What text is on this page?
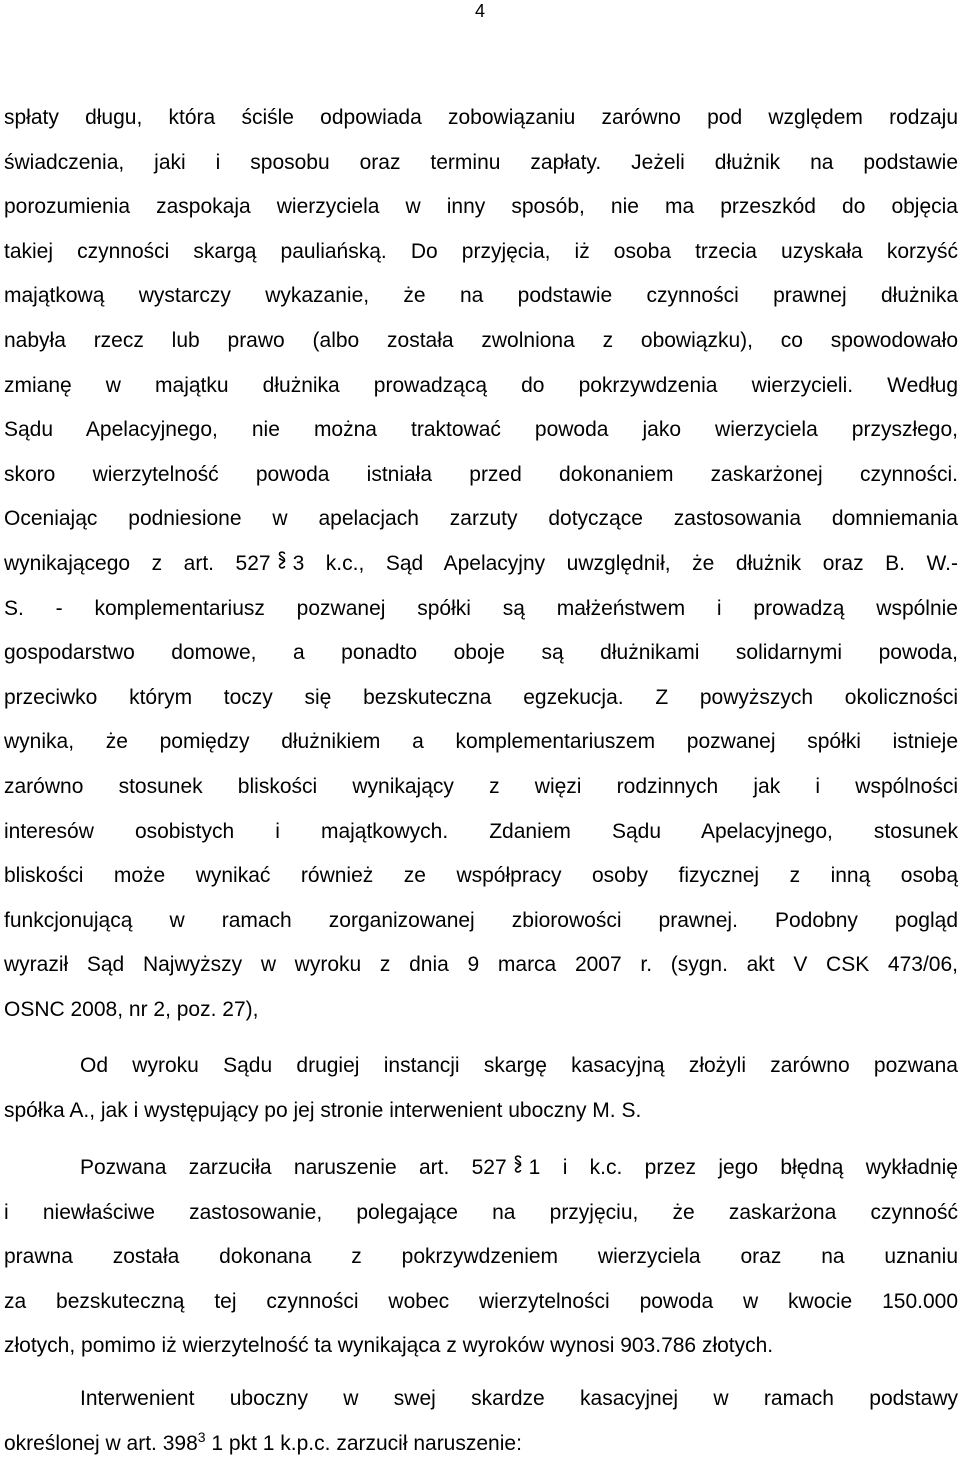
4
spłaty długu, która ściśle odpowiada zobowiązaniu zarówno pod względem rodzaju
świadczenia, jaki i sposobu oraz terminu zapłaty. Jeżeli dłużnik na podstawie
porozumienia zaspokaja wierzyciela w inny sposób, nie ma przeszkód do objęcia
takiej czynności skargą pauliańską. Do przyjęcia, iż osoba trzecia uzyskała korzyść
majątkową wystarczy wykazanie, że na podstawie czynności prawnej dłużnika
nabyła rzecz lub prawo (albo została zwolniona z obowiązku), co spowodowało
zmianę w majątku dłużnika prowadzącą do pokrzywdzenia wierzycieli. Według
Sądu Apelacyjnego, nie można traktować powoda jako wierzyciela przyszłego,
skoro wierzytelność powoda istniała przed dokonaniem zaskarżonej czynności.
Oceniając podniesione w apelacjach zarzuty dotyczące zastosowania domniemania
wynikającego z art. 527 3 k.c., Sąd Apelacyjny uwzględnił, że dłużnik oraz B. W.-
S. - komplementariusz pozwanej spółki są małżeństwem i prowadzą wspólnie
gospodarstwo domowe, a ponadto oboje są dłużnikami solidarnymi powoda,
przeciwko którym toczy się bezskuteczna egzekucja. Z powyższych okoliczności
wynika, że pomiędzy dłużnikiem a komplementariuszem pozwanej spółki istnieje
zarówno stosunek bliskości wynikający z więzi rodzinnych jak i wspólności
interesów osobistych i majątkowych. Zdaniem Sądu Apelacyjnego, stosunek
bliskości może wynikać również ze współpracy osoby fizycznej z inną osobą
funkcjonującą w ramach zorganizowanej zbiorowości prawnej. Podobny pogląd
wyraził Sąd Najwyższy w wyroku z dnia 9 marca 2007 r. (sygn. akt V CSK 473/06,
OSNC 2008, nr 2, poz. 27),
Od wyroku Sądu drugiej instancji skargę kasacyjną złożyli zarówno pozwana
spółka A., jak i występujący po jej stronie interwenient uboczny M. S.
Pozwana zarzuciła naruszenie art. 527 1 i k.c. przez jego błędną wykładnię
i niewłaściwe zastosowanie, polegające na przyjęciu, że zaskarżona czynność
prawna została dokonana z pokrzywdzeniem wierzyciela oraz na uznaniu
za bezskuteczną tej czynności wobec wierzytelności powoda w kwocie 150.000
złotych, pomimo iż wierzytelność ta wynikająca z wyroków wynosi 903.786 złotych.
Interwenient uboczny w swej skardze kasacyjnej w ramach podstawy
określonej w art. $398^3$ 1 pkt 1 k.p.c. zarzucił naruszenie:
